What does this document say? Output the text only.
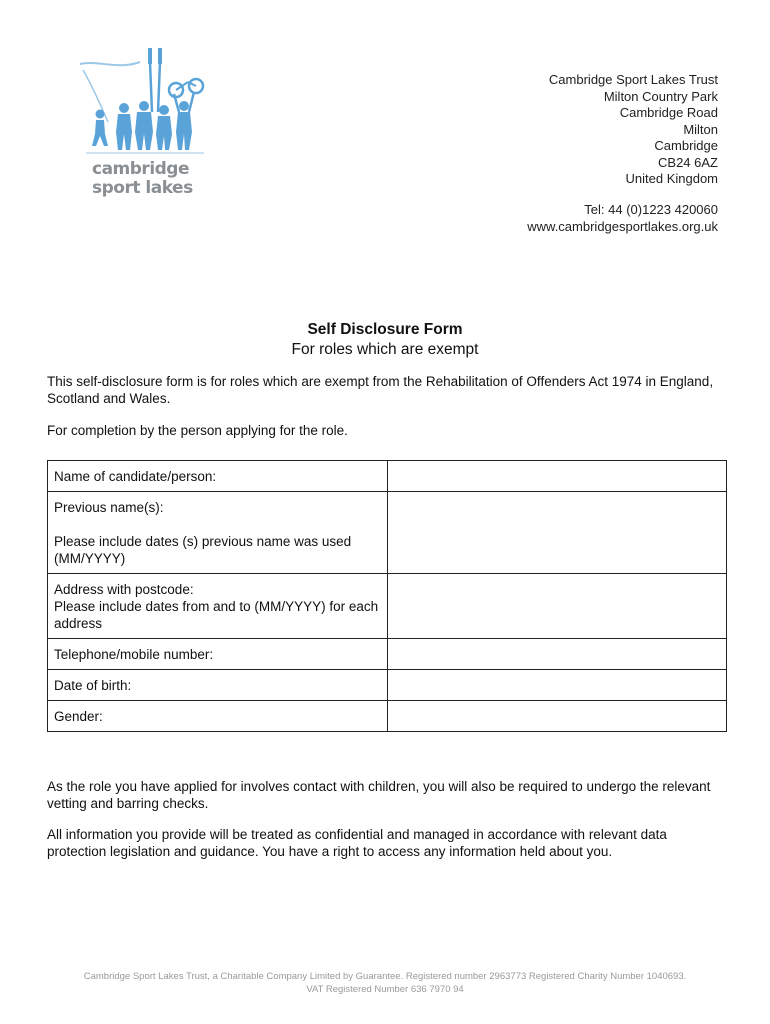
cambridge
sport lakes
Cambridge Sport Lakes Trust
Milton Country Park
Cambridge Road
Milton
Cambridge
CB24 6AZ
United Kingdom
Tel: 44 (0)1223 420060
www.cambridgesportlakes.org.uk
Self Disclosure Form
For roles which are exempt
This self-disclosure form is for roles which are exempt from the Rehabilitation of Offenders Act 1974 in England, Scotland and Wales.
For completion by the person applying for the role.
Name of candidate/person:	
Previous name(s):
Please include dates (s) previous name was used (MM/YYYY)	

Address with postcode:
Please include dates from and to (MM/YYYY) for each address	

Telephone/mobile number:	
Date of birth:	
Gender:	
As the role you have applied for involves contact with children, you will also be required to undergo the relevant vetting and barring checks.
All information you provide will be treated as confidential and managed in accordance with relevant data protection legislation and guidance. You have a right to access any information held about you.
Cambridge Sport Lakes Trust, a Charitable Company Limited by Guarantee. Registered number 2963773 Registered Charity Number 1040693.
VAT Registered Number 636 7970 94
